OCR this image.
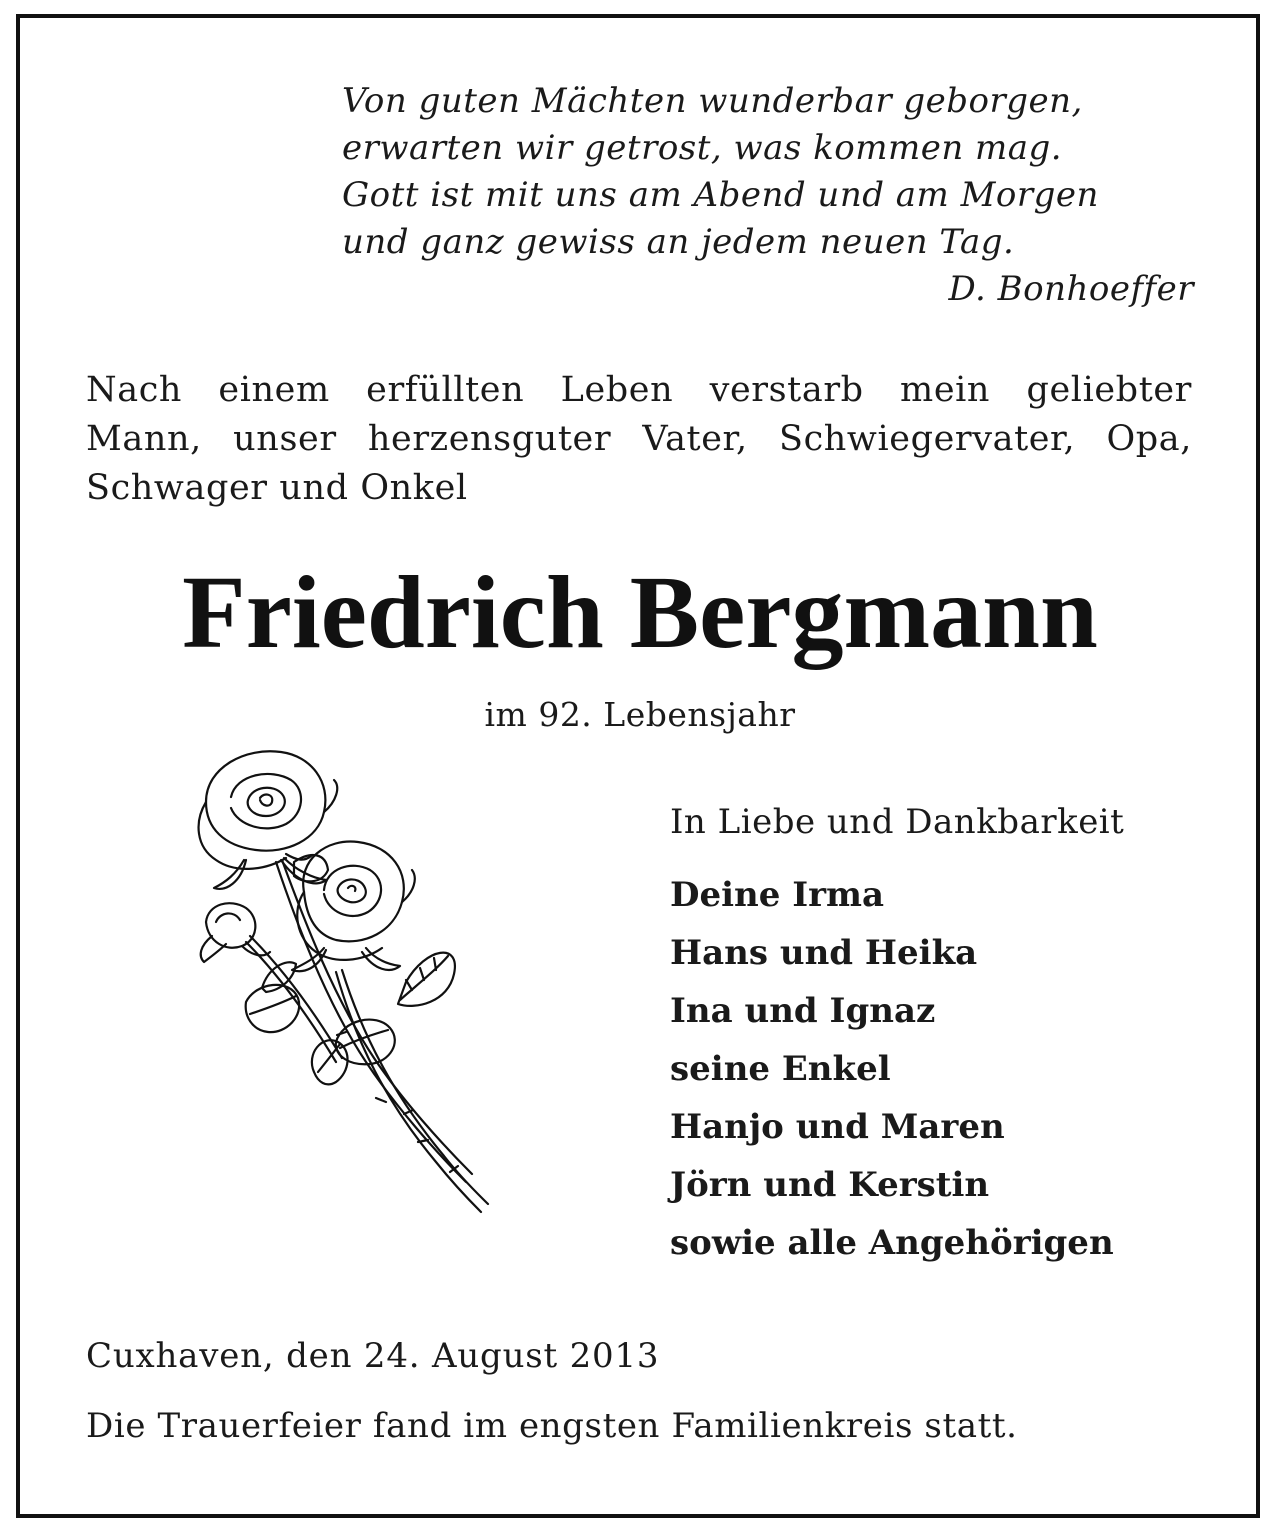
Von guten Mächten wunderbar geborgen,
erwarten wir getrost, was kommen mag.
Gott ist mit uns am Abend und am Morgen
und ganz gewiss an jedem neuen Tag.
D. Bonhoeffer
Nach einem erfüllten Leben verstarb mein geliebter
Mann, unser herzensguter Vater, Schwiegervater, Opa,
Schwager und Onkel
Friedrich Bergmann
im 92. Lebensjahr
In Liebe und Dankbarkeit
Deine Irma
Hans und Heika
Ina und Ignaz
seine Enkel
Hanjo und Maren
Jörn und Kerstin
sowie alle Angehörigen
Cuxhaven, den 24. August 2013
Die Trauerfeier fand im engsten Familienkreis statt.
